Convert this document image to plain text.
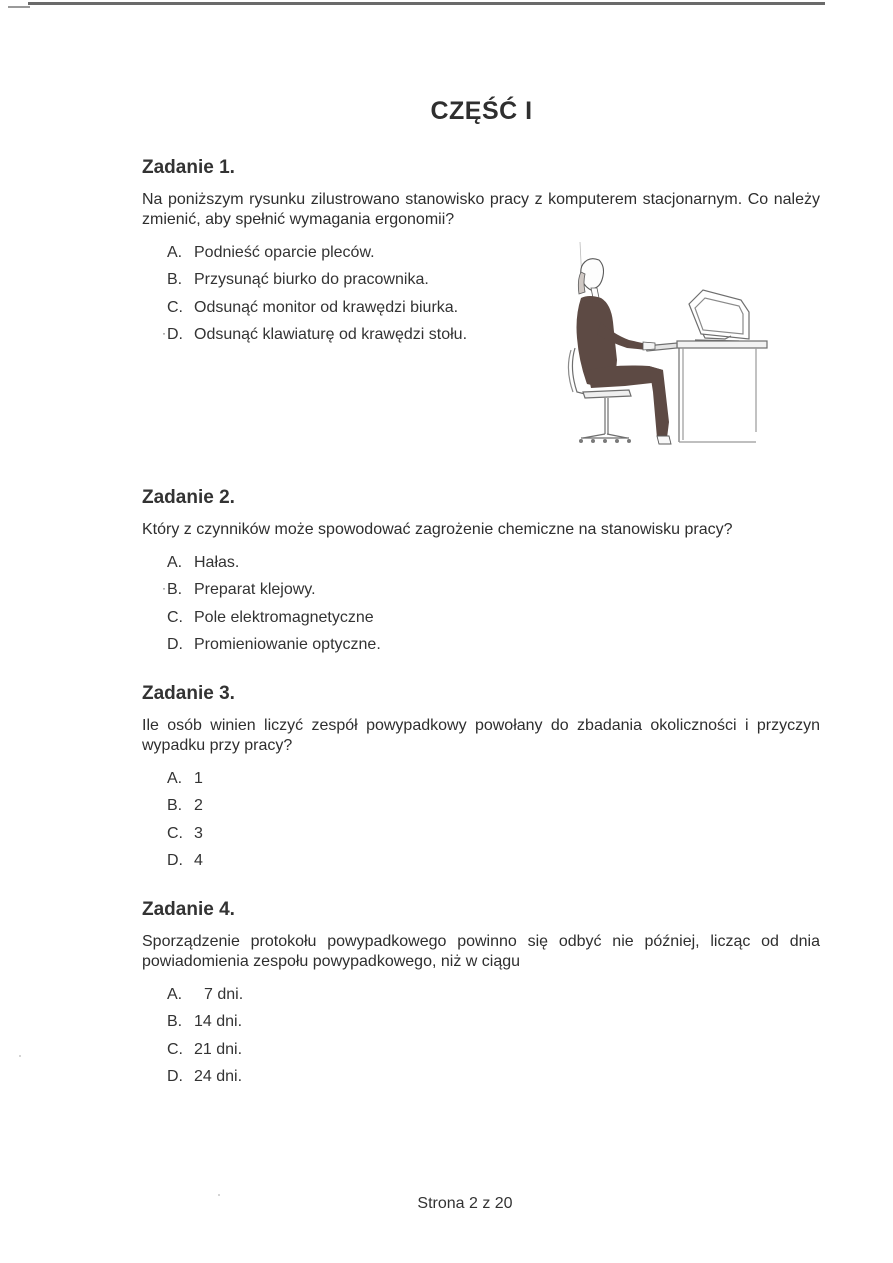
CZĘŚĆ I
Zadanie 1.

Na poniższym rysunku zilustrowano stanowisko pracy z komputerem stacjonarnym. Co należy zmienić, aby spełnić wymagania ergonomii?

A. Podnieść oparcie pleców.
B. Przysunąć biurko do pracownika.
C. Odsunąć monitor od krawędzi biurka.
· D. Odsunąć klawiaturę od krawędzi stołu.
Zadanie 2.

Który z czynników może spowodować zagrożenie chemiczne na stanowisku pracy?

A. Hałas.
· B. Preparat klejowy.
C. Pole elektromagnetyczne
D. Promieniowanie optyczne.
Zadanie 3.

Ile osób winien liczyć zespół powypadkowy powołany do zbadania okoliczności i przyczyn wypadku przy pracy?

A. 1
B. 2
C. 3
D. 4
Zadanie 4.

Sporządzenie protokołu powypadkowego powinno się odbyć nie później, licząc od dnia powiadomienia zespołu powypadkowego, niż w ciągu

A. 7 dni.
B. 14 dni.
C. 21 dni.
D. 24 dni.
Strona 2 z 20
